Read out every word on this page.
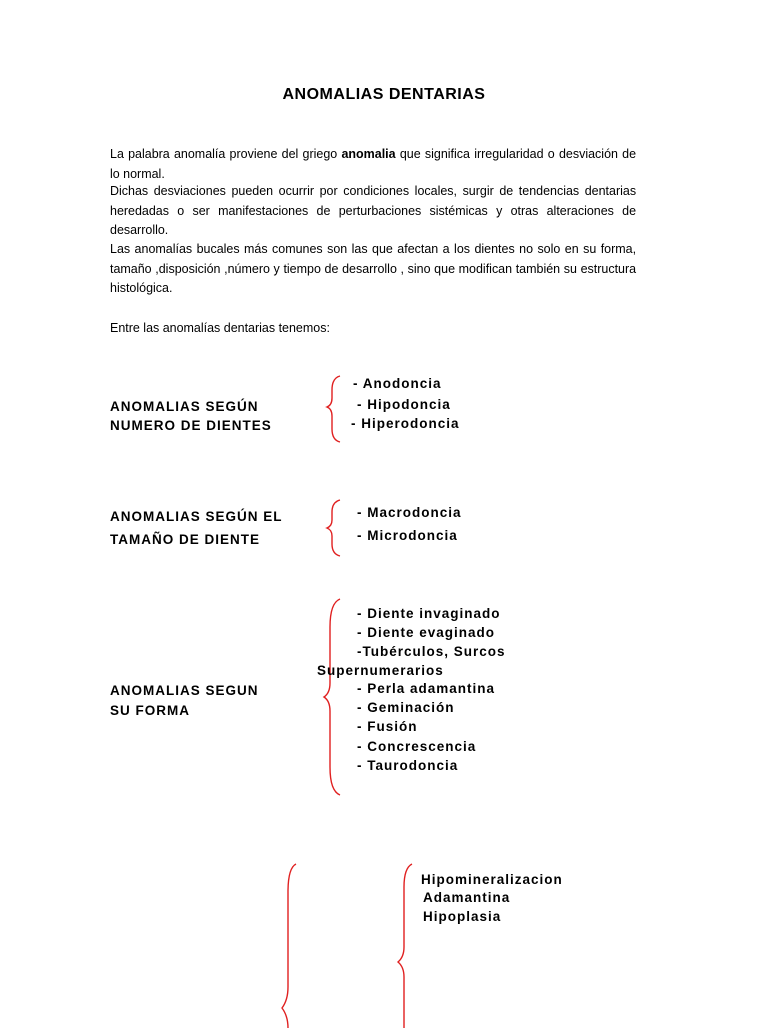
ANOMALIAS DENTARIAS

La palabra anomalía proviene del griego anomalia que significa irregularidad o desviación de lo normal.

Dichas desviaciones pueden ocurrir por condiciones locales, surgir de tendencias dentarias heredadas o ser manifestaciones de perturbaciones sistémicas y otras alteraciones de desarrollo.

Las anomalías bucales más comunes son las que afectan a los dientes no solo en su forma, tamaño ,disposición ,número y tiempo de desarrollo , sino que modifican también su estructura histológica.

Entre las anomalías dentarias tenemos:

ANOMALIAS SEGÚN
NUMERO DE DIENTES
- Anodoncia
- Hipodoncia
- Hiperodoncia
ANOMALIAS SEGÚN EL
TAMAÑO DE DIENTE
- Macrodoncia
- Microdoncia
ANOMALIAS SEGUN
SU FORMA
- Diente invaginado
- Diente evaginado
-Tubérculos, Surcos
Supernumerarios
- Perla adamantina
- Geminación
- Fusión
- Concrescencia
- Taurodoncia
Hipomineralizacion
Adamantina
Hipoplasia
